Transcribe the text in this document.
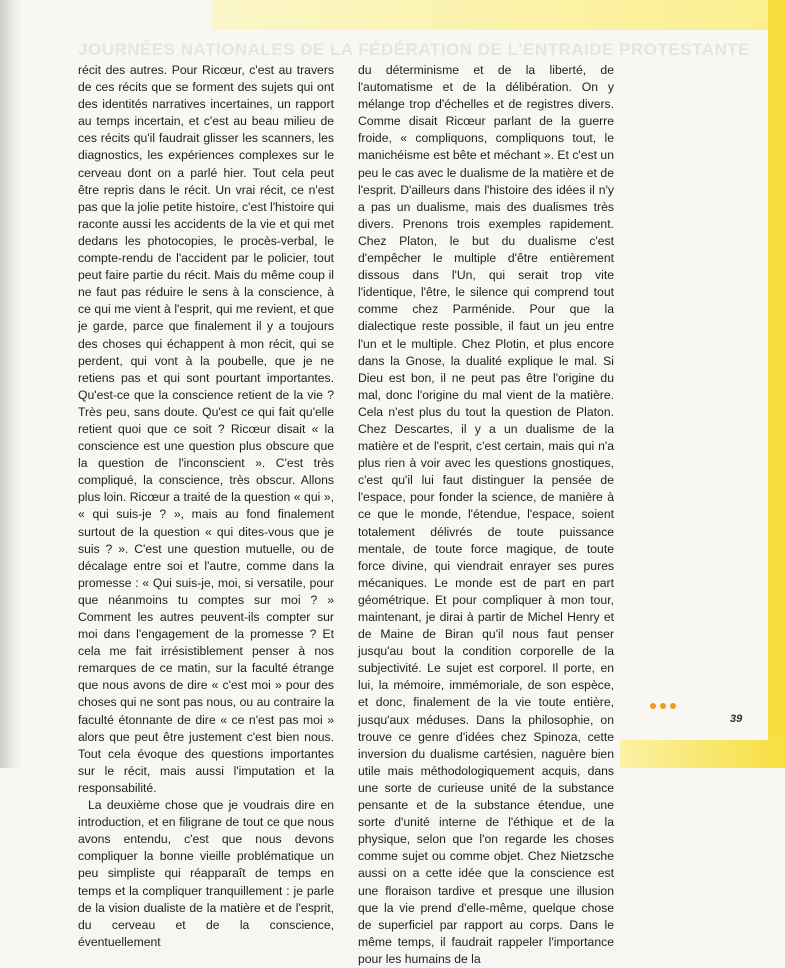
JOURNÉES NATIONALES DE LA FÉDÉRATION DE L'ENTRAIDE PROTESTANTE

récit des autres. Pour Ricœur, c'est au travers de ces récits que se forment des sujets qui ont des identités narratives incertaines, un rapport au temps incertain, et c'est au beau milieu de ces récits qu'il faudrait glisser les scanners, les diagnostics, les expériences complexes sur le cerveau dont on a parlé hier. Tout cela peut être repris dans le récit. Un vrai récit, ce n'est pas que la jolie petite histoire, c'est l'histoire qui raconte aussi les accidents de la vie et qui met dedans les photocopies, le procès-verbal, le compte-rendu de l'accident par le policier, tout peut faire partie du récit. Mais du même coup il ne faut pas réduire le sens à la conscience, à ce qui me vient à l'esprit, qui me revient, et que je garde, parce que finalement il y a toujours des choses qui échappent à mon récit, qui se perdent, qui vont à la poubelle, que je ne retiens pas et qui sont pourtant importantes. Qu'est-ce que la conscience retient de la vie ? Très peu, sans doute. Qu'est ce qui fait qu'elle retient quoi que ce soit ? Ricœur disait « la conscience est une question plus obscure que la question de l'inconscient ». C'est très compliqué, la conscience, très obscur. Allons plus loin. Ricœur a traité de la question « qui », « qui suis-je ? », mais au fond finalement surtout de la question « qui dites-vous que je suis ? ». C'est une question mutuelle, ou de décalage entre soi et l'autre, comme dans la promesse : « Qui suis-je, moi, si versatile, pour que néanmoins tu comptes sur moi ? » Comment les autres peuvent-ils compter sur moi dans l'engagement de la promesse ? Et cela me fait irrésistiblement penser à nos remarques de ce matin, sur la faculté étrange que nous avons de dire « c'est moi » pour des choses qui ne sont pas nous, ou au contraire la faculté étonnante de dire « ce n'est pas moi » alors que peut être justement c'est bien nous. Tout cela évoque des questions importantes sur le récit, mais aussi l'imputation et la responsabilité.

La deuxième chose que je voudrais dire en introduction, et en filigrane de tout ce que nous avons entendu, c'est que nous devons compliquer la bonne vieille problématique un peu simpliste qui réapparaît de temps en temps et la compliquer tranquillement : je parle de la vision dualiste de la matière et de l'esprit, du cerveau et de la conscience, éventuellement

du déterminisme et de la liberté, de l'automatisme et de la délibération. On y mélange trop d'échelles et de registres divers. Comme disait Ricœur parlant de la guerre froide, « compliquons, compliquons tout, le manichéisme est bête et méchant ». Et c'est un peu le cas avec le dualisme de la matière et de l'esprit. D'ailleurs dans l'histoire des idées il n'y a pas un dualisme, mais des dualismes très divers. Prenons trois exemples rapidement. Chez Platon, le but du dualisme c'est d'empêcher le multiple d'être entièrement dissous dans l'Un, qui serait trop vite l'identique, l'être, le silence qui comprend tout comme chez Parménide. Pour que la dialectique reste possible, il faut un jeu entre l'un et le multiple. Chez Plotin, et plus encore dans la Gnose, la dualité explique le mal. Si Dieu est bon, il ne peut pas être l'origine du mal, donc l'origine du mal vient de la matière. Cela n'est plus du tout la question de Platon. Chez Descartes, il y a un dualisme de la matière et de l'esprit, c'est certain, mais qui n'a plus rien à voir avec les questions gnostiques, c'est qu'il lui faut distinguer la pensée de l'espace, pour fonder la science, de manière à ce que le monde, l'étendue, l'espace, soient totalement délivrés de toute puissance mentale, de toute force magique, de toute force divine, qui viendrait enrayer ses pures mécaniques. Le monde est de part en part géométrique. Et pour compliquer à mon tour, maintenant, je dirai à partir de Michel Henry et de Maine de Biran qu'il nous faut penser jusqu'au bout la condition corporelle de la subjectivité. Le sujet est corporel. Il porte, en lui, la mémoire, immémoriale, de son espèce, et donc, finalement de la vie toute entière, jusqu'aux méduses. Dans la philosophie, on trouve ce genre d'idées chez Spinoza, cette inversion du dualisme cartésien, naguère bien utile mais méthodologiquement acquis, dans une sorte de curieuse unité de la substance pensante et de la substance étendue, une sorte d'unité interne de l'éthique et de la physique, selon que l'on regarde les choses comme sujet ou comme objet. Chez Nietzsche aussi on a cette idée que la conscience est une floraison tardive et presque une illusion que la vie prend d'elle-même, quelque chose de superficiel par rapport au corps. Dans le même temps, il faudrait rappeler l'importance pour les humains de la

39
